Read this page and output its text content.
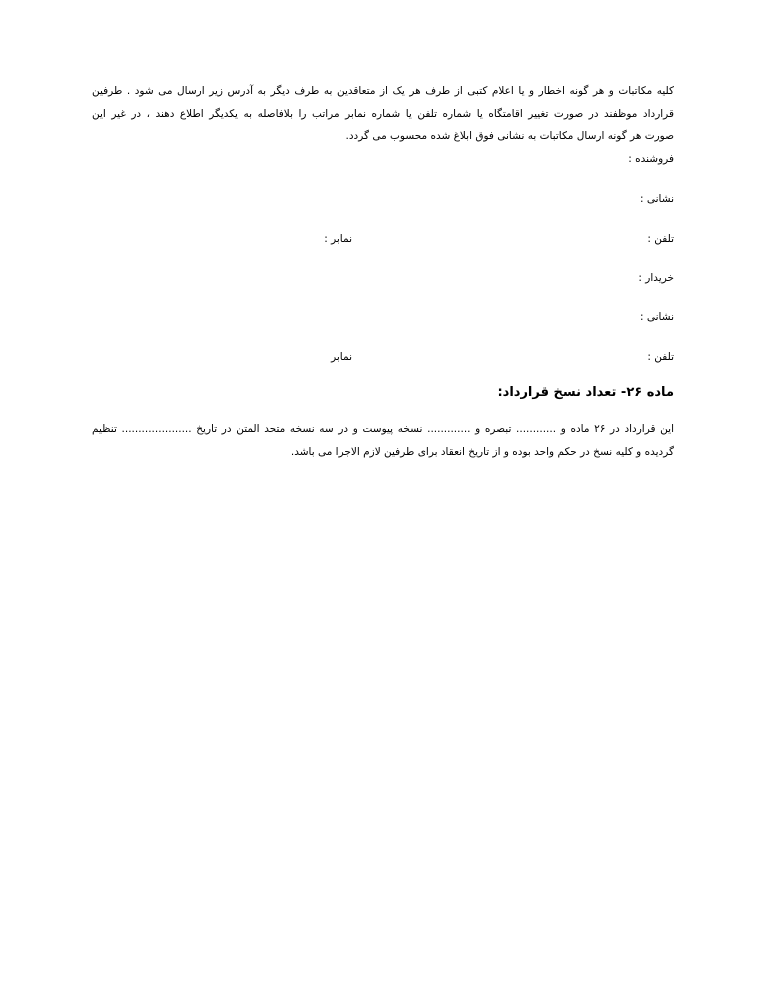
کلیه مکاتبات و هر گونه اخطار و یا اعلام کتبی از طرف هر یک از متعاقدین به طرف دیگر به آدرس زیر ارسال می شود . طرفین
قرارداد موظفند در صورت تغییر اقامتگاه یا شماره تلفن یا شماره نمابر مراتب را بلافاصله به یکدیگر اطلاع دهند ، در غیر این
صورت هر گونه ارسال مکاتبات به نشانی فوق ابلاغ شده محسوب می گردد.
فروشنده :
نشانی :
تلفن :
نمابر :
خریدار :
نشانی :
تلفن :
نمابر
ماده ۲۶- تعداد نسخ قرارداد:
این قرارداد در ۲۶ ماده و ............ تبصره و ............. نسخه پیوست و در سه نسخه متحد المتن در تاریخ ..................... تنظیم
گردیده و کلیه نسخ در حکم واحد بوده و از تاریخ انعقاد برای طرفین لازم الاجرا می باشد.
